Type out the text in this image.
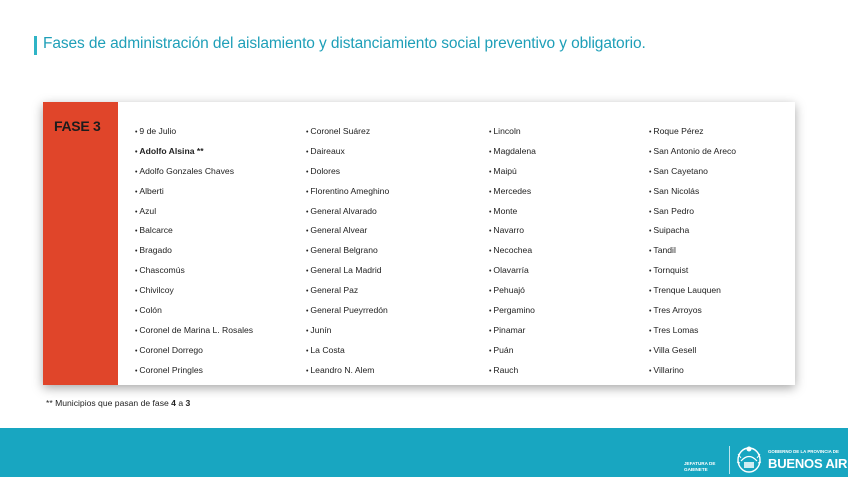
Fases de administración del aislamiento y distanciamiento social preventivo y obligatorio.
FASE 3
•	9 de Julio
• Adolfo Alsina **
• Adolfo Gonzales Chaves
• Alberti
• Azul
• Balcarce
• Bragado
• Chascomús
• Chivilcoy
• Colón
• Coronel de Marina L. Rosales
• Coronel Dorrego
• Coronel Pringles
• Coronel Suárez
• Daireaux
• Dolores
• Florentino Ameghino
• General Alvarado
• General Alvear
• General Belgrano
• General La Madrid
• General Paz
• General Pueyrredón
• Junín
• La Costa
• Leandro N. Alem
• Lincoln
• Magdalena
• Maipú
• Mercedes
• Monte
• Navarro
• Necochea
• Olavarría
• Pehuajó
• Pergamino
• Pinamar
• Puán
• Rauch
• Roque Pérez
• San Antonio de Areco
• San Cayetano
• San Nicolás
• San Pedro
• Suipacha
• Tandil
• Tornquist
• Trenque Lauquen
• Tres Arroyos
• Tres Lomas
• Villa Gesell
• Villarino
** Municipios que pasan de fase 4 a 3
JEFATURA DE
GABINETE
GOBIERNO DE LA PROVINCIA DE
BUENOS AIRES
